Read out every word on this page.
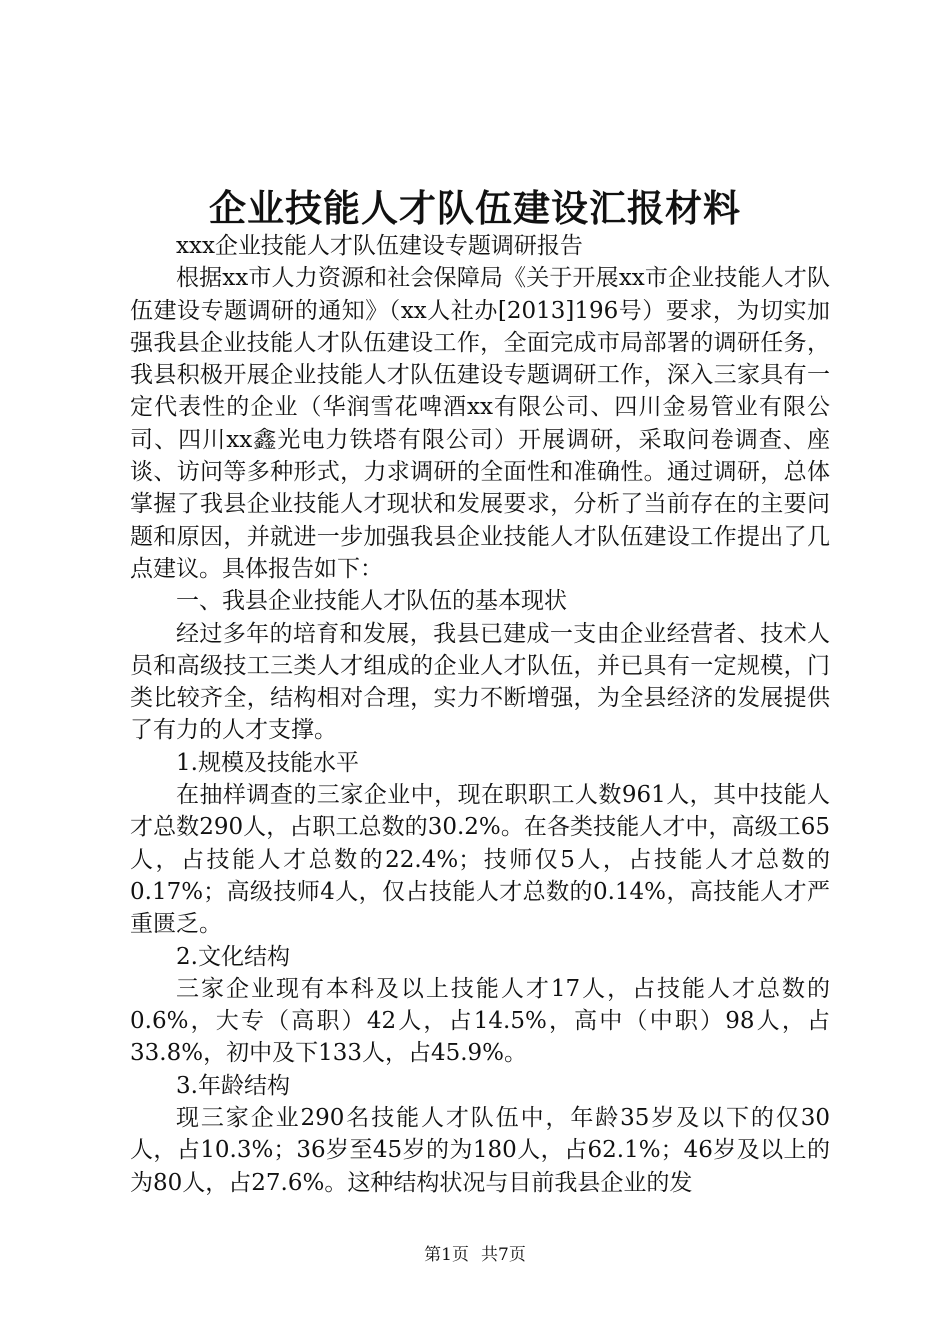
企业技能人才队伍建设汇报材料

xxx企业技能人才队伍建设专题调研报告

根据xx市人力资源和社会保障局《关于开展xx市企业技能人才队伍建设专题调研的通知》（xx人社办[2013]196号）要求，为切实加强我县企业技能人才队伍建设工作，全面完成市局部署的调研任务，我县积极开展企业技能人才队伍建设专题调研工作，深入三家具有一定代表性的企业（华润雪花啤酒xx有限公司、四川金易管业有限公司、四川xx鑫光电力铁塔有限公司）开展调研，采取问卷调查、座谈、访问等多种形式，力求调研的全面性和准确性。通过调研，总体掌握了我县企业技能人才现状和发展要求，分析了当前存在的主要问题和原因，并就进一步加强我县企业技能人才队伍建设工作提出了几点建议。具体报告如下：

一、我县企业技能人才队伍的基本现状

经过多年的培育和发展，我县已建成一支由企业经营者、技术人员和高级技工三类人才组成的企业人才队伍，并已具有一定规模，门类比较齐全，结构相对合理，实力不断增强，为全县经济的发展提供了有力的人才支撑。

1.规模及技能水平

在抽样调查的三家企业中，现在职职工人数961人，其中技能人才总数290人，占职工总数的30.2%。在各类技能人才中，高级工65人，占技能人才总数的22.4%；技师仅5人，占技能人才总数的0.17%；高级技师4人，仅占技能人才总数的0.14%，高技能人才严重匮乏。

2.文化结构

三家企业现有本科及以上技能人才17人，占技能人才总数的0.6%，大专（高职）42人，占14.5%，高中（中职）98人，占33.8%，初中及下133人，占45.9%。

3.年龄结构

现三家企业290名技能人才队伍中，年龄35岁及以下的仅30人，占10.3%；36岁至45岁的为180人，占62.1%；46岁及以上的为80人，占27.6%。这种结构状况与目前我县企业的发

第1页 共7页
